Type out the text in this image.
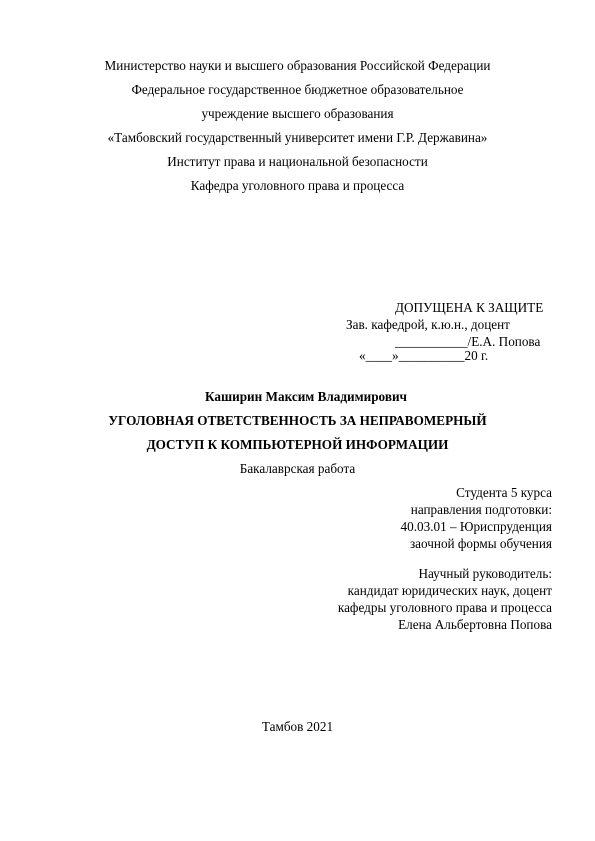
Министерство науки и высшего образования Российской Федерации
Федеральное государственное бюджетное образовательное
учреждение высшего образования
«Тамбовский государственный университет имени Г.Р. Державина»
Институт права и национальной безопасности
Кафедра уголовного права и процесса
ДОПУЩЕНА К ЗАЩИТЕ
Зав. кафедрой, к.ю.н., доцент
___________/Е.А. Попова
«____»__________20 г.
Каширин Максим Владимирович
УГОЛОВНАЯ ОТВЕТСТВЕННОСТЬ ЗА НЕПРАВОМЕРНЫЙ
ДОСТУП К КОМПЬЮТЕРНОЙ ИНФОРМАЦИИ
Бакалаврская работа
Студента 5 курса
направления подготовки:
40.03.01 – Юриспруденция
заочной формы обучения
Научный руководитель:
кандидат юридических наук, доцент
кафедры уголовного права и процесса
Елена Альбертовна Попова
Тамбов 2021
